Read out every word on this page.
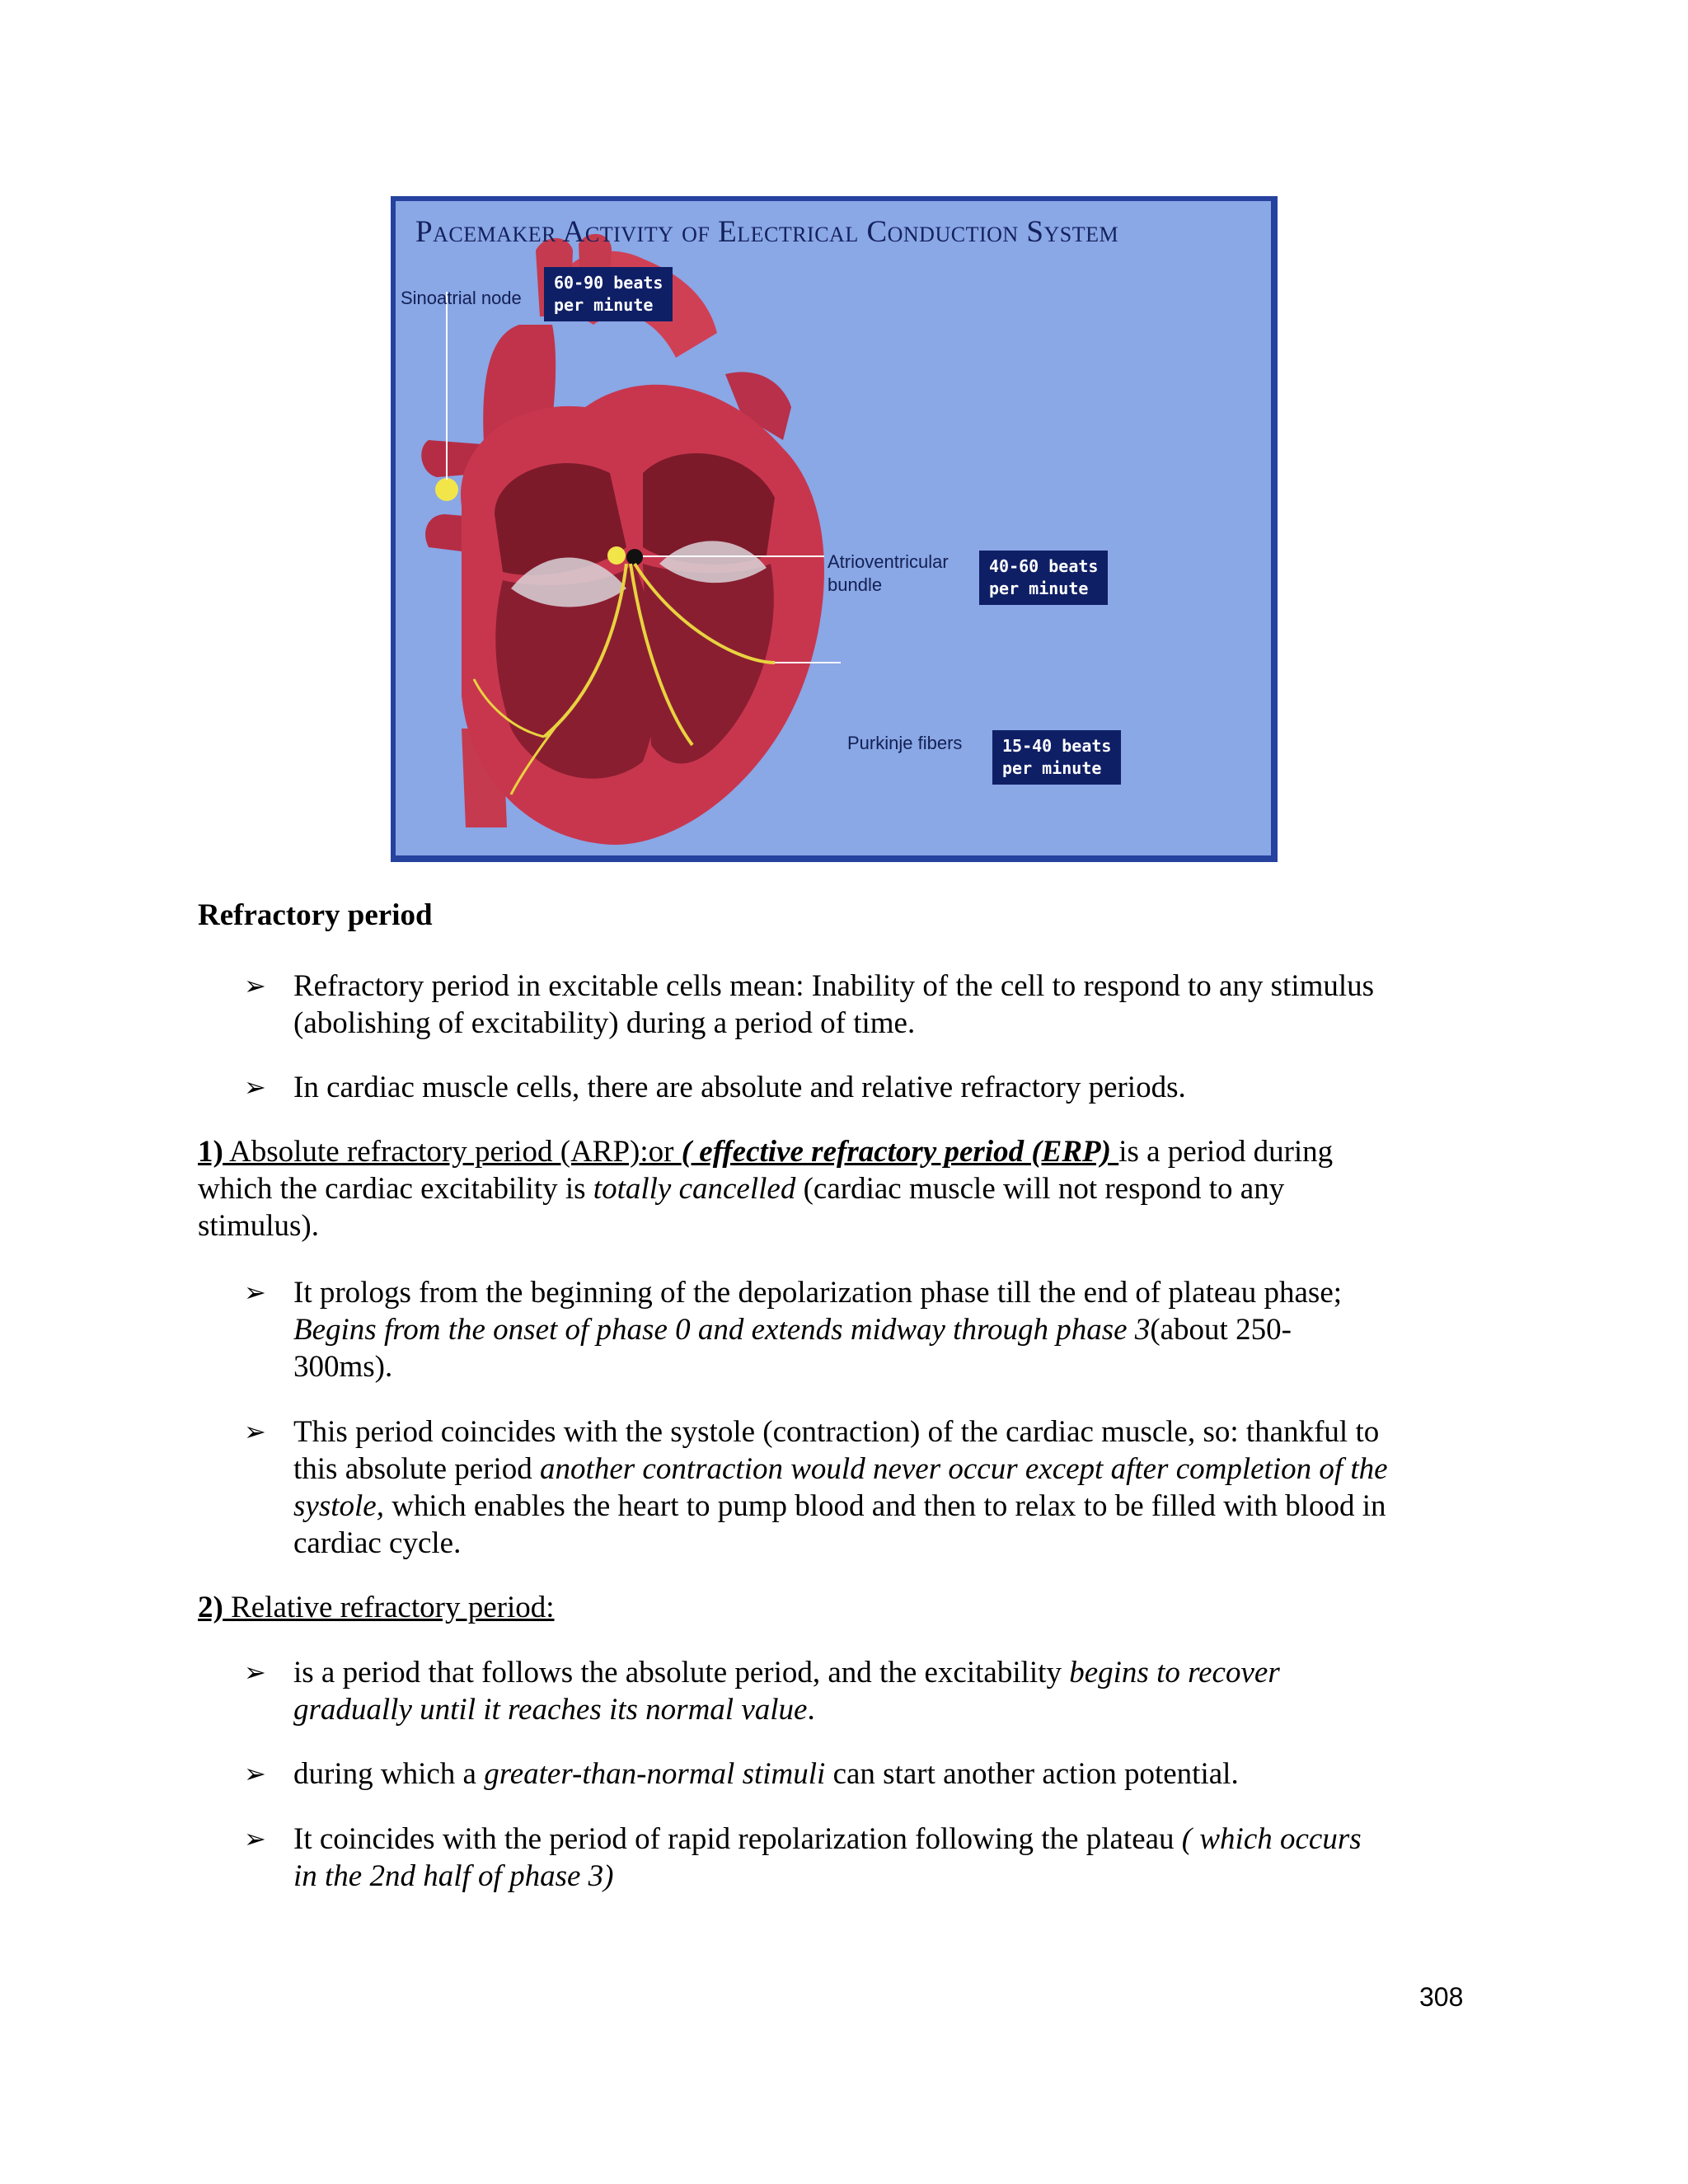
Pacemaker Activity of Electrical Conduction System
Sinoatrial node
60-90 beats
per minute
Atrioventricular
bundle
40-60 beats
per minute
Purkinje fibers 15-40 beats
per minute
Refractory period
➢ Refractory period in excitable cells mean: Inability of the cell to respond to any stimulus
(abolishing of excitability) during a period of time.
➢ In cardiac muscle cells, there are absolute and relative refractory periods.
1) Absolute refractory period (ARP):or ( effective refractory period (ERP) is a period during
which the cardiac excitability is totally cancelled (cardiac muscle will not respond to any
stimulus).
➢ It prologs from the beginning of the depolarization phase till the end of plateau phase;
Begins from the onset of phase 0 and extends midway through phase 3(about 250-
300ms).
➢ This period coincides with the systole (contraction) of the cardiac muscle, so: thankful to
this absolute period another contraction would never occur except after completion of the
systole, which enables the heart to pump blood and then to relax to be filled with blood in
cardiac cycle.
2) Relative refractory period:
➢ is a period that follows the absolute period, and the excitability begins to recover
gradually until it reaches its normal value.
➢ during which a greater-than-normal stimuli can start another action potential.
➢ It coincides with the period of rapid repolarization following the plateau ( which occurs
in the 2nd half of phase 3)
308
